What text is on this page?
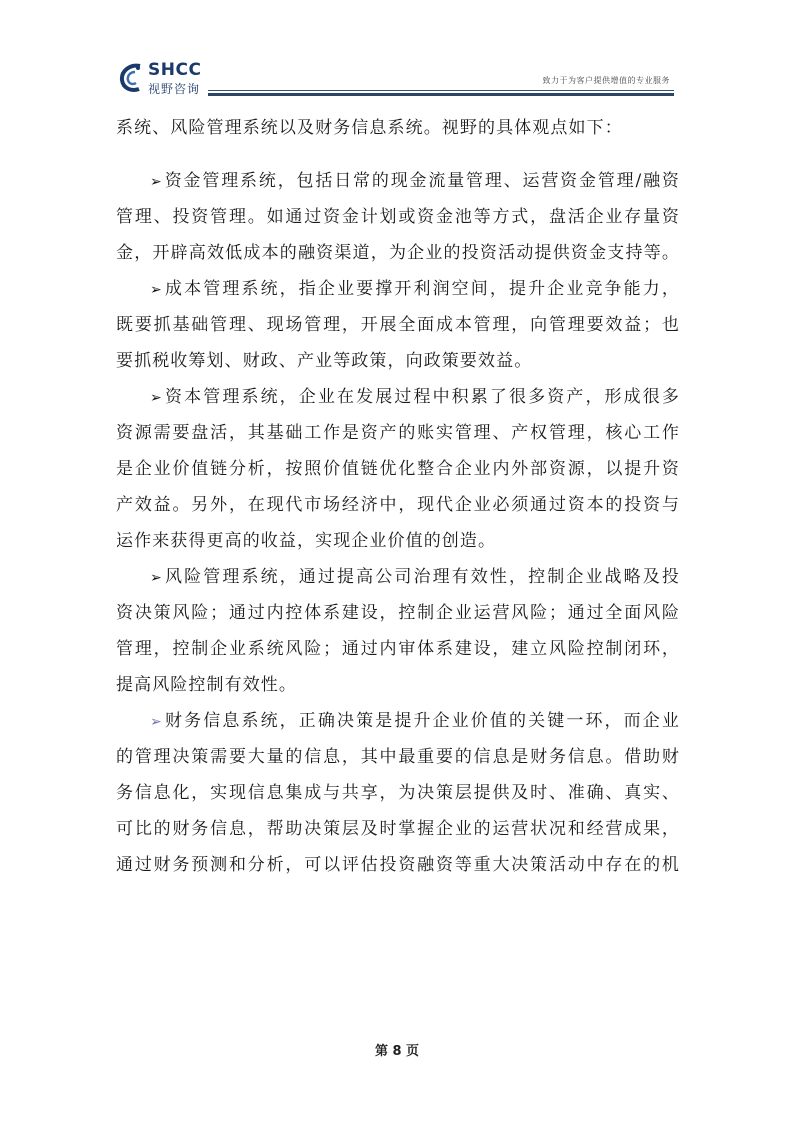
SHCC
视野咨询
致力于为客户提供增值的专业服务
系统、风险管理系统以及财务信息系统。视野的具体观点如下：
➢资金管理系统，包括日常的现金流量管理、运营资金管理/融资
管理、投资管理。如通过资金计划或资金池等方式，盘活企业存量资
金，开辟高效低成本的融资渠道，为企业的投资活动提供资金支持等。
➢成本管理系统，指企业要撑开利润空间，提升企业竞争能力，
既要抓基础管理、现场管理，开展全面成本管理，向管理要效益；也
要抓税收筹划、财政、产业等政策，向政策要效益。
➢资本管理系统，企业在发展过程中积累了很多资产，形成很多
资源需要盘活，其基础工作是资产的账实管理、产权管理，核心工作
是企业价值链分析，按照价值链优化整合企业内外部资源，以提升资
产效益。另外，在现代市场经济中，现代企业必须通过资本的投资与
运作来获得更高的收益，实现企业价值的创造。
➢风险管理系统，通过提高公司治理有效性，控制企业战略及投
资决策风险；通过内控体系建设，控制企业运营风险；通过全面风险
管理，控制企业系统风险；通过内审体系建设，建立风险控制闭环，
提高风险控制有效性。
➢财务信息系统，正确决策是提升企业价值的关键一环，而企业
的管理决策需要大量的信息，其中最重要的信息是财务信息。借助财
务信息化，实现信息集成与共享，为决策层提供及时、准确、真实、
可比的财务信息，帮助决策层及时掌握企业的运营状况和经营成果，
通过财务预测和分析，可以评估投资融资等重大决策活动中存在的机
第 8 页
